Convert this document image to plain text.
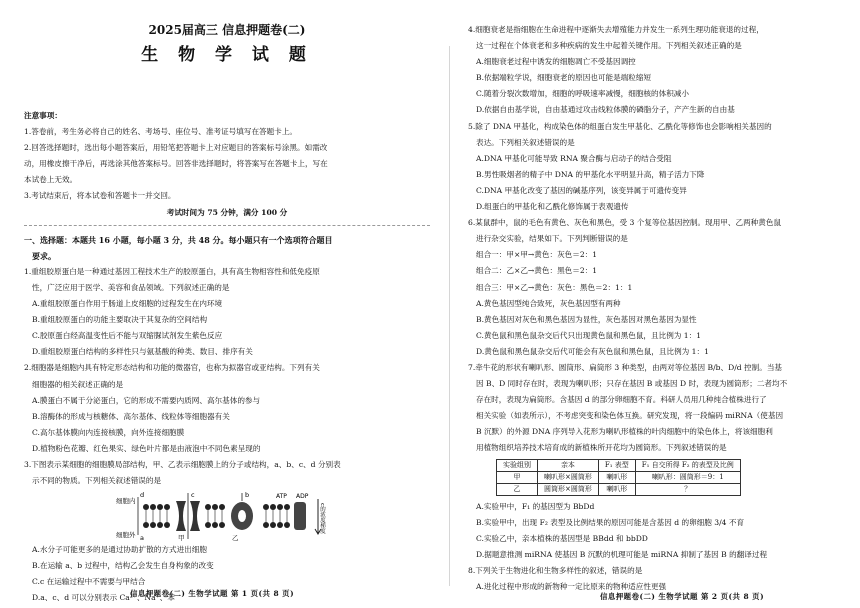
2025届高三 信息押题卷(二)
生 物 学 试 题
注意事项：
1.答卷前，考生务必将自己的姓名、考场号、座位号、准考证号填写在答题卡上。
2.回答选择题时，选出每小题答案后，用铅笔把答题卡上对应题目的答案标号涂黑。如需改
动，用橡皮擦干净后，再选涂其他答案标号。回答非选择题时，将答案写在答题卡上，写在
本试卷上无效。
3.考试结束后，将本试卷和答题卡一并交回。
考试时间为 75 分钟，满分 100 分
一、选择题：本题共 16 小题，每小题 3 分，共 48 分。每小题只有一个选项符合题目
要求。
1.重组胶原蛋白是一种通过基因工程技术生产的胶原蛋白，具有高生物相容性和低免疫原
性，广泛应用于医学、美容和食品领域。下列叙述正确的是
A.重组胶原蛋白作用于肠道上皮细胞的过程发生在内环境
B.重组胶原蛋白的功能主要取决于其复杂的空间结构
C.胶原蛋白经高温变性后不能与双缩脲试剂发生紫色反应
D.重组胶原蛋白结构的多样性只与氨基酸的种类、数目、排序有关
2.细胞器是细胞内具有特定形态结构和功能的微器官，也称为拟器官或亚结构。下列有关
细胞器的相关叙述正确的是
A.膜蛋白不属于分泌蛋白，它的形成不需要内质网、高尔基体的参与
B.溶酶体的形成与核糖体、高尔基体、线粒体等细胞器有关
C.高尔基体膜向内连接核膜，向外连接细胞膜
D.植物粉色花瓣、红色果实、绿色叶片都是由液泡中不同色素呈现的
3.下图表示某细胞的细胞膜局部结构，甲、乙表示细胞膜上的分子或结构，a、b、c、d 分别表
示不同的物质。下列相关叙述错误的是
细胞内
细胞外
d
a
c
甲
b
乙
ATP ADP
c的浓度梯度
A.水分子可能更多的是通过协助扩散的方式进出细胞
B.在运输 a、b 过程中，结构乙会发生自身构象的改变
C.c 在运输过程中不需要与甲结合
D.a、c、d 可以分别表示 Ca²⁺、Na⁺、苯
信息押题卷(二) 生物学试题 第 1 页(共 8 页)
4.细胞衰老是指细胞在生命进程中逐渐失去增殖能力并发生一系列生理功能衰退的过程，
这一过程在个体衰老和多种疾病的发生中起着关键作用。下列相关叙述正确的是
A.细胞衰老过程中诱发的细胞凋亡不受基因调控
B.依据端粒学说，细胞衰老的原因也可能是端粒缩短
C.随着分裂次数增加，细胞的呼吸速率减慢，细胞核的体积减小
D.依据自由基学说，自由基通过攻击线粒体膜的磷脂分子，产产生新的自由基
5.除了 DNA 甲基化，构成染色体的组蛋白发生甲基化、乙酰化等修饰也会影响相关基因的
表达。下列相关叙述错误的是
A.DNA 甲基化可能导致 RNA 聚合酶与启动子的结合受阻
B.男性吸烟者的精子中 DNA 的甲基化水平明显升高，精子活力下降
C.DNA 甲基化改变了基因的碱基序列，该变异属于可遗传变异
D.组蛋白的甲基化和乙酰化修饰属于表观遗传
6.某鼠群中，鼠的毛色有黄色、灰色和黑色，受 3 个复等位基因控制。现用甲、乙两种黄色鼠
进行杂交实验，结果如下。下列判断错误的是
组合一：甲×甲→黄色：灰色＝2：1
组合二：乙×乙→黄色：黑色＝2：1
组合三：甲×乙→黄色：灰色：黑色＝2：1：1
A.黄色基因型纯合致死，灰色基因型有两种
B.黄色基因对灰色和黑色基因为显性，灰色基因对黑色基因为显性
C.黄色鼠和黑色鼠杂交后代只出现黄色鼠和黑色鼠，且比例为 1：1
D.黄色鼠和黑色鼠杂交后代可能会有灰色鼠和黑色鼠，且比例为 1：1
7.牵牛花的形状有喇叭形、圆筒形、扁筒形 3 种类型，由两对等位基因 B/b、D/d 控制。当基
因 B、D 同时存在时，表现为喇叭形；只存在基因 B 或基因 D 时，表现为圆筒形；二者均不
存在时，表现为扁筒形。含基因 d 的部分卵细胞不育。科研人员用几种纯合植株进行了
相关实验（如表所示），不考虑突变和染色体互换。研究发现，将一段编码 miRNA（使基因
B 沉默）的外源 DNA 序列导入花形为喇叭形植株的叶肉细胞中的染色体上，将该细胞利
用植物组织培养技术培育成的新植株所开花均为圆筒形。下列叙述错误的是
实验组别	亲本	F₁ 表型	F₁ 自交所得 F₂ 的表型及比例
甲	喇叭形×圆筒形	喇叭形	喇叭形：圆筒形＝9：1
乙	圆筒形×圆筒形	喇叭形	？
A.实验甲中，F₁ 的基因型为 BbDd
B.实验甲中，出现 F₂ 表型及比例结果的原因可能是含基因 d 的卵细胞 3/4 不育
C.实验乙中，亲本植株的基因型是 BBdd 和 bbDD
D.据题意推测 miRNA 使基因 B 沉默的机理可能是 miRNA 抑制了基因 B 的翻译过程
8.下列关于生物进化和生物多样性的叙述，错误的是
A.进化过程中形成的新物种一定比原来的物种适应性更强
信息押题卷(二) 生物学试题 第 2 页(共 8 页)
